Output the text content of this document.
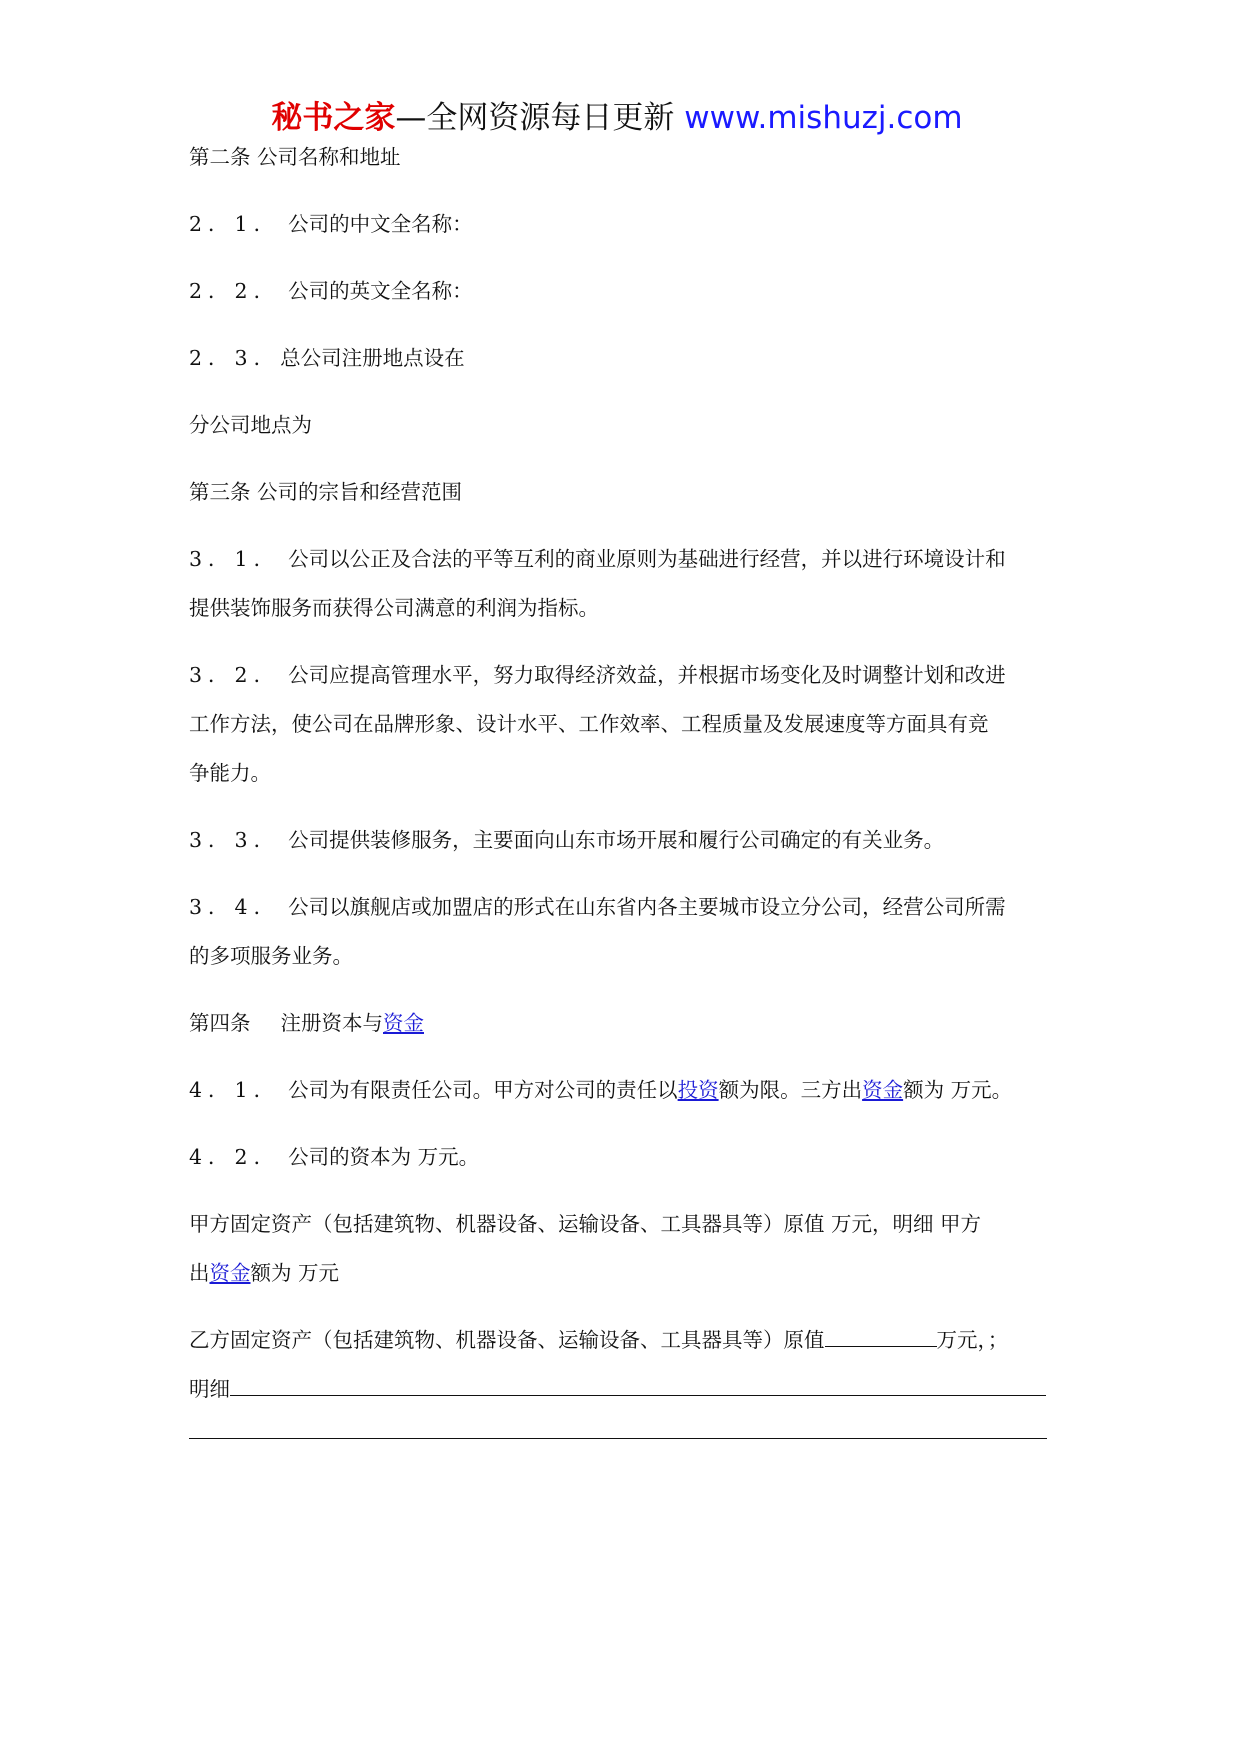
秘书之家—全网资源每日更新 www.mishuzj.com
第二条 公司名称和地址
2．1． 公司的中文全名称：
2．2． 公司的英文全名称：
2．3．总公司注册地点设在
分公司地点为
第三条 公司的宗旨和经营范围
3．1． 公司以公正及合法的平等互利的商业原则为基础进行经营，并以进行环境设计和
提供装饰服务而获得公司满意的利润为指标。
3．2． 公司应提高管理水平，努力取得经济效益，并根据市场变化及时调整计划和改进
工作方法，使公司在品牌形象、设计水平、工作效率、工程质量及发展速度等方面具有竞
争能力。
3．3． 公司提供装修服务，主要面向山东市场开展和履行公司确定的有关业务。
3．4． 公司以旗舰店或加盟店的形式在山东省内各主要城市设立分公司，经营公司所需
的多项服务业务。
第四条 注册资本与资金
4．1． 公司为有限责任公司。甲方对公司的责任以投资额为限。三方出资金额为 万元。
4．2． 公司的资本为 万元。
甲方固定资产（包括建筑物、机器设备、运输设备、工具器具等）原值 万元，明细 甲方
出资金额为 万元
乙方固定资产（包括建筑物、机器设备、运输设备、工具器具等）原值	万元，；
明细
